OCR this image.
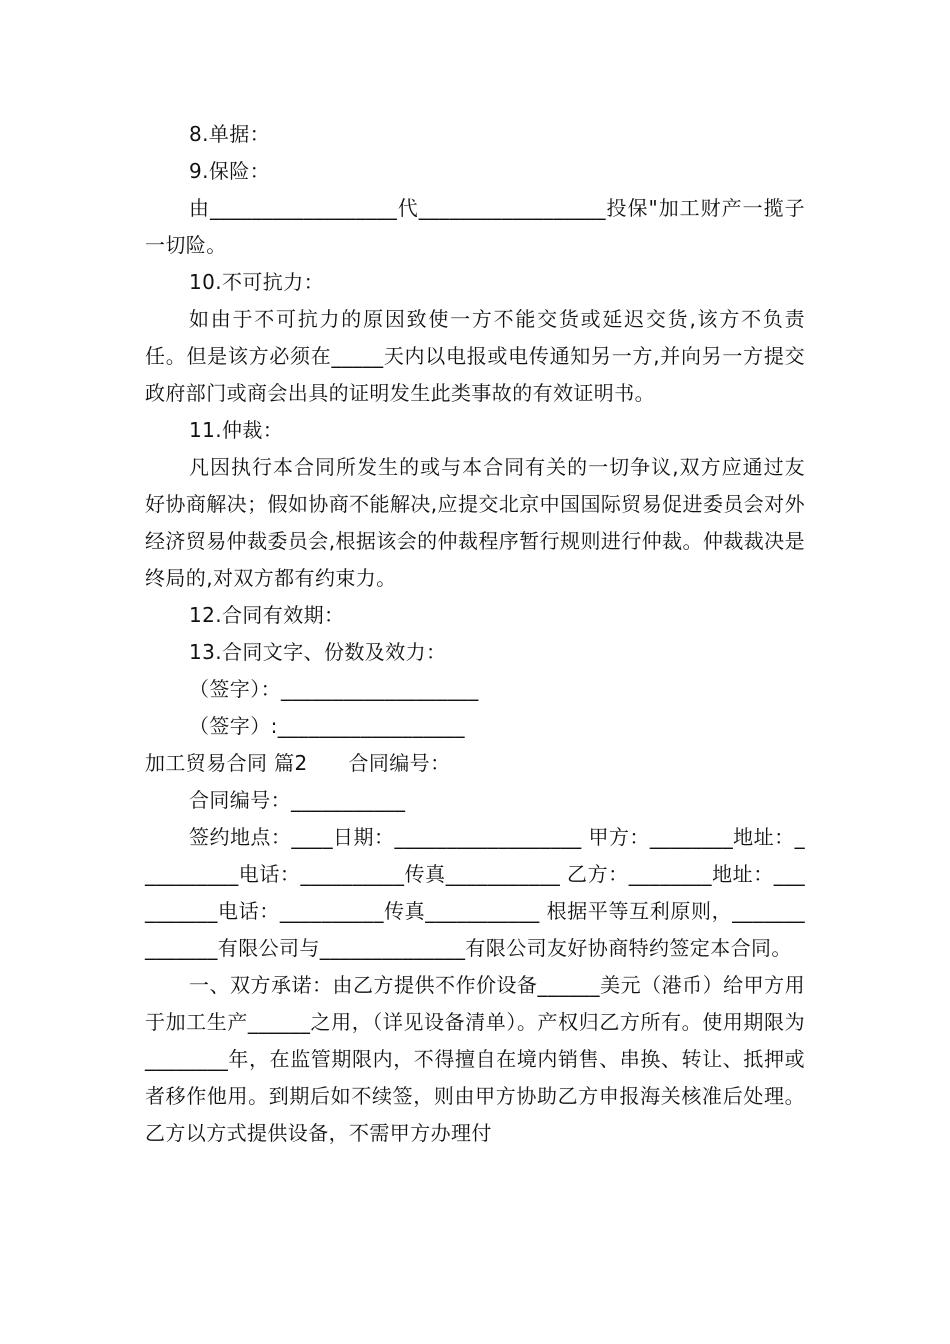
8.单据：

9.保险：

由__________________代__________________投保"加工财产一揽子一切险。

10.不可抗力：

如由于不可抗力的原因致使一方不能交货或延迟交货,该方不负责任。但是该方必须在_____天内以电报或电传通知另一方,并向另一方提交政府部门或商会出具的证明发生此类事故的有效证明书。

11.仲裁：

凡因执行本合同所发生的或与本合同有关的一切争议,双方应通过友好协商解决；假如协商不能解决,应提交北京中国国际贸易促进委员会对外经济贸易仲裁委员会,根据该会的仲裁程序暂行规则进行仲裁。仲裁裁决是终局的,对双方都有约束力。

12.合同有效期：

13.合同文字、份数及效力：

（签字）：___________________

（签字）:__________________

加工贸易合同 篇2　　合同编号：

合同编号：___________

签约地点：____日期：__________________ 甲方：________地址：__________电话：__________传真___________ 乙方：________地址：__________电话：__________传真___________ 根据平等互利原则，______________有限公司与______________有限公司友好协商特约签定本合同。

一、双方承诺：由乙方提供不作价设备______美元（港币）给甲方用于加工生产______之用，（详见设备清单）。产权归乙方所有。使用期限为________年，在监管期限内，不得擅自在境内销售、串换、转让、抵押或者移作他用。到期后如不续签，则由甲方协助乙方申报海关核准后处理。乙方以方式提供设备，不需甲方办理付
